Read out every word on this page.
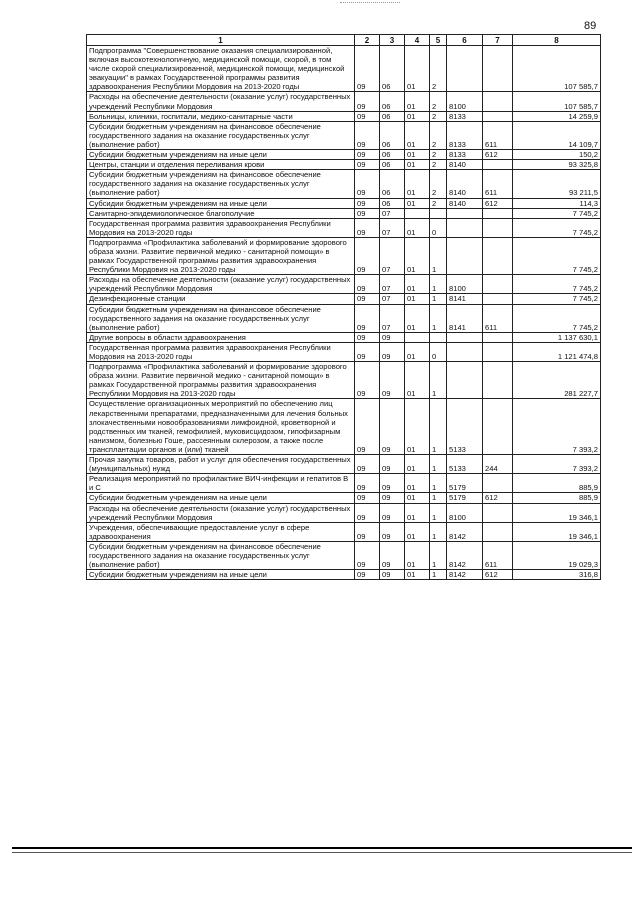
89
1	2	3	4	5	6	7	8
Подпрограмма "Совершенствование оказания специализированной, включая высокотехнологичную, медицинской помощи, скорой, в том числе скорой специализированной, медицинской помощи, медицинской эвакуации" в рамках Государственной программы развития здравоохранения Республики Мордовия на 2013-2020 годы	09	06	01	2			107 585,7
Расходы на обеспечение деятельности (оказание услуг) государственных учреждений Республики Мордовия	09	06	01	2	8100		107 585,7
Больницы, клиники, госпитали, медико-санитарные части	09	06	01	2	8133		14 259,9
Субсидии бюджетным учреждениям на финансовое обеспечение государственного задания на оказание государственных услуг (выполнение работ)	09	06	01	2	8133	611	14 109,7
Субсидии бюджетным учреждениям на иные цели	09	06	01	2	8133	612	150,2
Центры, станции и отделения переливания крови	09	06	01	2	8140		93 325,8
Субсидии бюджетным учреждениям на финансовое обеспечение государственного задания на оказание государственных услуг (выполнение работ)	09	06	01	2	8140	611	93 211,5
Субсидии бюджетным учреждениям на иные цели	09	06	01	2	8140	612	114,3
Санитарно-эпидемиологическое благополучие	09	07					7 745,2
Государственная программа развития здравоохранения Республики Мордовия на 2013-2020 годы	09	07	01	0			7 745,2
Подпрограмма «Профилактика заболеваний и формирование здорового образа жизни. Развитие первичной медико - санитарной помощи» в рамках Государственной программы развития здравоохранения Республики Мордовия на 2013-2020 годы	09	07	01	1			7 745,2
Расходы на обеспечение деятельности (оказание услуг) государственных учреждений Республики Мордовия	09	07	01	1	8100		7 745,2
Дезинфекционные станции	09	07	01	1	8141		7 745,2
Субсидии бюджетным учреждениям на финансовое обеспечение государственного задания на оказание государственных услуг (выполнение работ)	09	07	01	1	8141	611	7 745,2
Другие вопросы в области здравоохранения	09	09					1 137 630,1
Государственная программа развития здравоохранения Республики Мордовия на 2013-2020 годы	09	09	01	0			1 121 474,8
Подпрограмма «Профилактика заболеваний и формирование здорового образа жизни. Развитие первичной медико - санитарной помощи» в рамках Государственной программы развития здравоохранения Республики Мордовия на 2013-2020 годы	09	09	01	1			281 227,7
Осуществление организационных мероприятий по обеспечению лиц лекарственными препаратами, предназначенными для лечения больных злокачественными новообразованиями лимфоидной, кроветворной и родственных им тканей, гемофилией, муковисцидозом, гипофизарным нанизмом, болезнью Гоше, рассеянным склерозом, а также после трансплантации органов и (или) тканей	09	09	01	1	5133		7 393,2
Прочая закупка товаров, работ и услуг для обеспечения государственных (муниципальных) нужд	09	09	01	1	5133	244	7 393,2
Реализация мероприятий по профилактике ВИЧ-инфекции и гепатитов B и C	09	09	01	1	5179		885,9
Субсидии бюджетным учреждениям на иные цели	09	09	01	1	5179	612	885,9
Расходы на обеспечение деятельности (оказание услуг) государственных учреждений Республики Мордовия	09	09	01	1	8100		19 346,1
Учреждения, обеспечивающие предоставление услуг в сфере здравоохранения	09	09	01	1	8142		19 346,1
Субсидии бюджетным учреждениям на финансовое обеспечение государственного задания на оказание государственных услуг (выполнение работ)	09	09	01	1	8142	611	19 029,3
Субсидии бюджетным учреждениям на иные цели	09	09	01	1	8142	612	316,8
